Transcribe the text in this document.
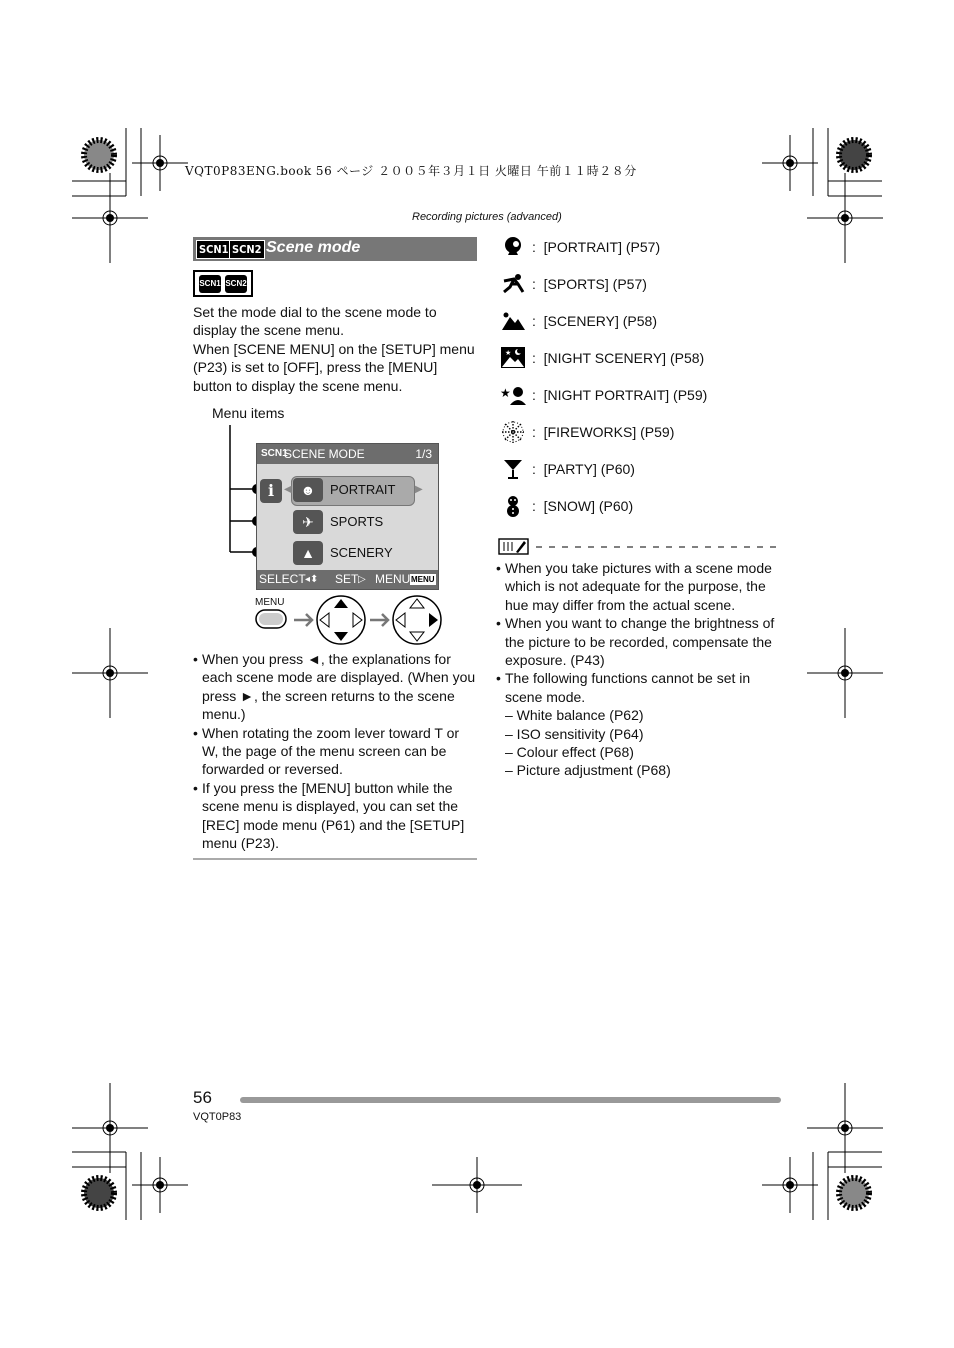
VQT0P83ENG.book 56 ページ ２００５年３月１日 火曜日 午前１１時２８分
Recording pictures (advanced)
SCN1 SCN2 Scene mode
SCN1 SCN2
Set the mode dial to the scene mode to display the scene menu.
When [SCENE MENU] on the [SETUP] menu (P23) is set to [OFF], press the [MENU] button to display the scene menu.
Menu items
SCN1
SCENE MODE	1/3
i ◀	▶
☻	PORTRAIT
✈	SPORTS
▲	SCENERY
SELECT ◂⬍ SET ▷ MENU MENU
MENU
• When you press ◄, the explanations for each scene mode are displayed. (When you press ►, the screen returns to the scene menu.)
• When rotating the zoom lever toward T or W, the page of the menu screen can be forwarded or reversed.
• If you press the [MENU] button while the scene menu is displayed, you can set the [REC] mode menu (P61) and the [SETUP] menu (P23).
: [PORTRAIT] (P57)
: [SPORTS] (P57)
: [SCENERY] (P58)
★ : [NIGHT SCENERY] (P58)
★ : [NIGHT PORTRAIT] (P59)
: [FIREWORKS] (P59)
: [PARTY] (P60)
: [SNOW] (P60)
• When you take pictures with a scene mode which is not adequate for the purpose, the hue may differ from the actual scene.
• When you want to change the brightness of the picture to be recorded, compensate the exposure. (P43)
• The following functions cannot be set in scene mode.
– White balance (P62)
– ISO sensitivity (P64)
– Colour effect (P68)
– Picture adjustment (P68)
56
VQT0P83
